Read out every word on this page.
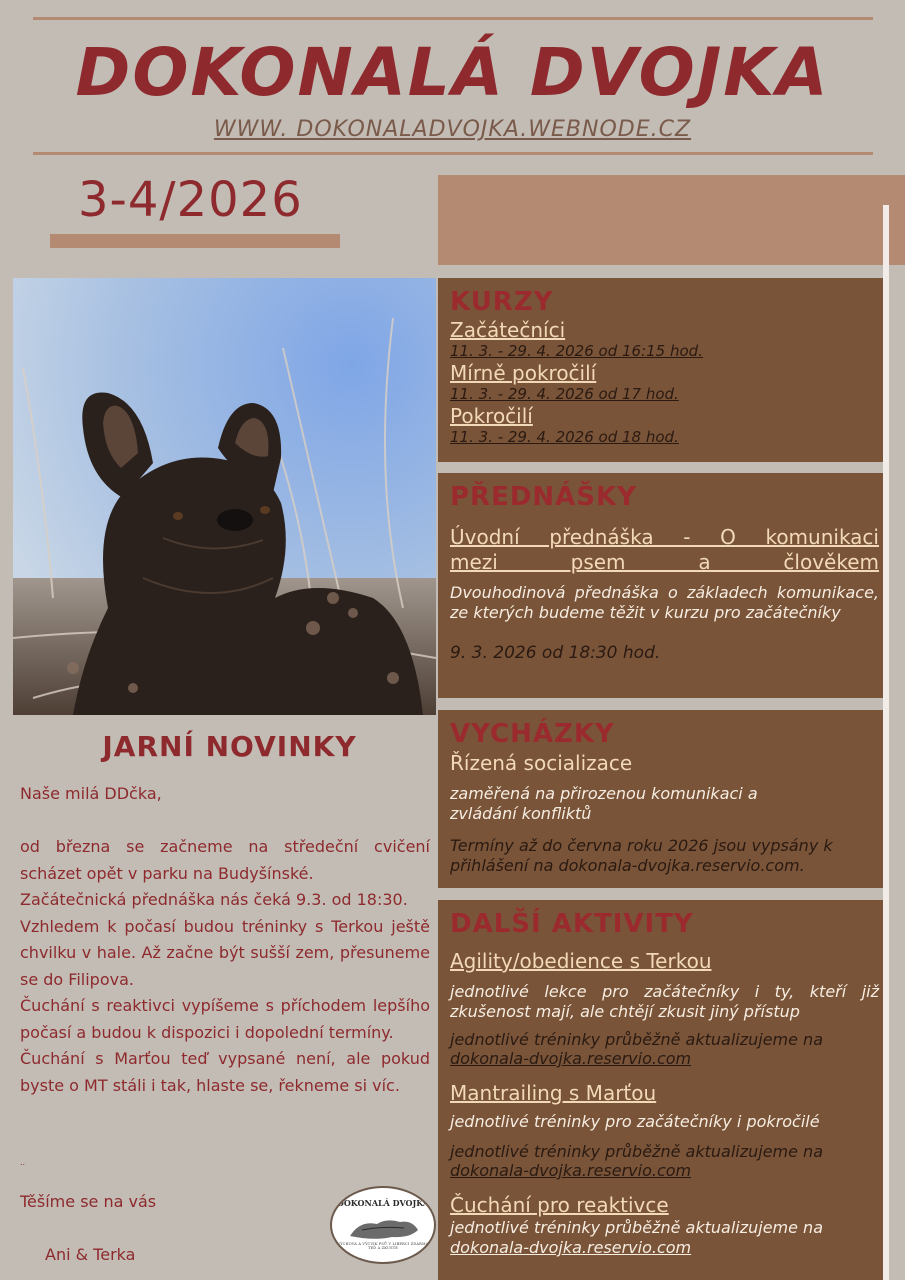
DOKONALÁ DVOJKA
WWW. DOKONALADVOJKA.WEBNODE.CZ
3-4/2026
KURZY
Začátečníci
11. 3. - 29. 4. 2026 od 16:15 hod.
Mírně pokročilí
11. 3. - 29. 4. 2026 od 17 hod.
Pokročilí
11. 3. - 29. 4. 2026 od 18 hod.
PŘEDNÁŠKY
Úvodní přednáška - O komunikaci
mezi psem a člověkem
Dvouhodinová přednáška o základech komunikace, ze kterých budeme těžit v kurzu pro začátečníky
9. 3. 2026 od 18:30 hod.
VYCHÁZKY
Řízená socializace
zaměřená na přirozenou komunikaci a zvládání konfliktů
Termíny až do června roku 2026 jsou vypsány k přihlášení na dokonala-dvojka.reservio.com.
DALŠÍ AKTIVITY
Agility/obedience s Terkou
jednotlivé lekce pro začátečníky i ty, kteří již zkušenost mají, ale chtějí zkusit jiný přístup
jednotlivé tréninky průběžně aktualizujeme na
dokonala-dvojka.reservio.com
Mantrailing s Marťou
jednotlivé tréninky pro začátečníky i pokročilé
jednotlivé tréninky průběžně aktualizujeme na
dokonala-dvojka.reservio.com
Čuchání pro reaktivce
jednotlivé tréninky průběžně aktualizujeme na
dokonala-dvojka.reservio.com
JARNÍ NOVINKY

Naše milá DDčka,

od března se začneme na středeční cvičení scházet opět v parku na Budyšínské.

Začátečnická přednáška nás čeká 9.3. od 18:30.

Vzhledem k počasí budou tréninky s Terkou ještě chvilku v hale. Až začne být sušší zem, přesuneme se do Filipova.

Čuchání s reaktivci vypíšeme s příchodem lepšího počasí a budou k dispozici i dopolední termíny.

Čuchání s Marťou teď vypsané není, ale pokud byste o MT stáli i tak, hlaste se, řekneme si víc.

..
Těšíme se na vás
Ani & Terka
DOKONALÁ DVOJKA
VÝCHOVA A VÝCVIK PSŮ V LIBERCI ZDARMA TEĎ A ZKUSTE
